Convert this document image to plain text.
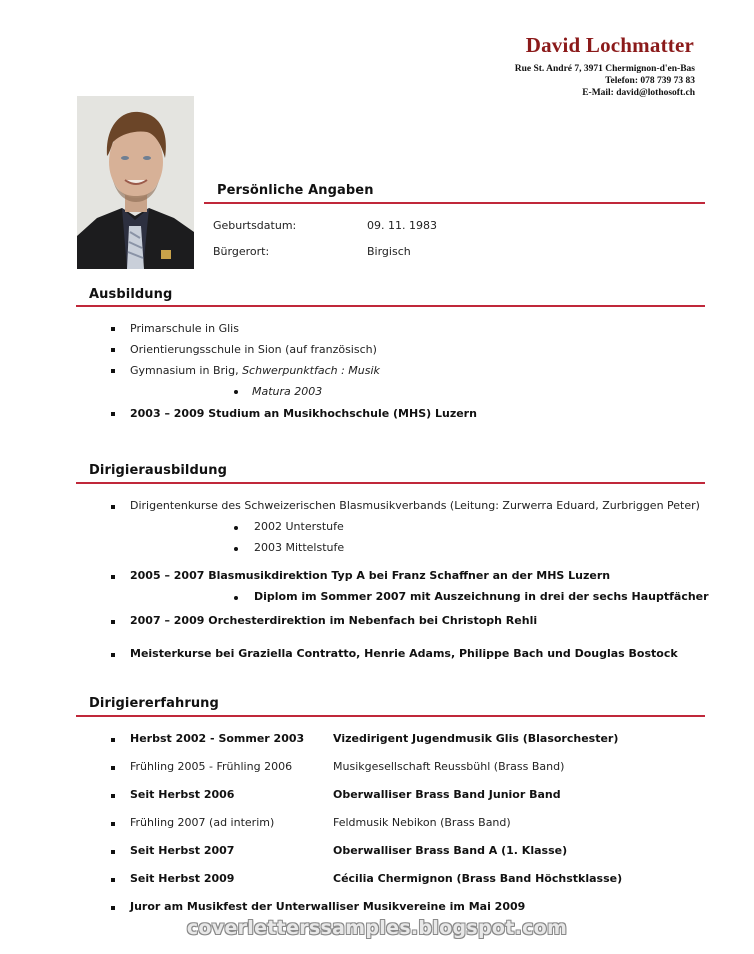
David Lochmatter
Rue St. André 7, 3971 Chermignon-d'en-Bas
Telefon: 078 739 73 83
E-Mail: david@lothosoft.ch
Persönliche Angaben
Geburtsdatum:	09. 11. 1983
Bürgerort:	Birgisch
Ausbildung
Primarschule in Glis
Orientierungsschule in Sion (auf französisch)
Gymnasium in Brig, Schwerpunktfach : Musik
Matura 2003
2003 – 2009 Studium an Musikhochschule (MHS) Luzern
Dirigierausbildung
Dirigentenkurse des Schweizerischen Blasmusikverbands (Leitung: Zurwerra Eduard, Zurbriggen Peter)
2002 Unterstufe
2003 Mittelstufe
2005 – 2007 Blasmusikdirektion Typ A bei Franz Schaffner an der MHS Luzern
Diplom im Sommer 2007 mit Auszeichnung in drei der sechs Hauptfächer
2007 – 2009 Orchesterdirektion im Nebenfach bei Christoph Rehli
Meisterkurse bei Graziella Contratto, Henrie Adams, Philippe Bach und Douglas Bostock
Dirigiererfahrung
Herbst 2002 - Sommer 2003	Vizedirigent Jugendmusik Glis (Blasorchester)
Frühling 2005 - Frühling 2006	Musikgesellschaft Reussbühl (Brass Band)
Seit Herbst 2006	Oberwalliser Brass Band Junior Band
Frühling 2007 (ad interim)	Feldmusik Nebikon (Brass Band)
Seit Herbst 2007	Oberwalliser Brass Band A (1. Klasse)
Seit Herbst 2009	Cécilia Chermignon (Brass Band Höchstklasse)
Juror am Musikfest der Unterwalliser Musikvereine im Mai 2009
coverletterssamples.blogspot.com
